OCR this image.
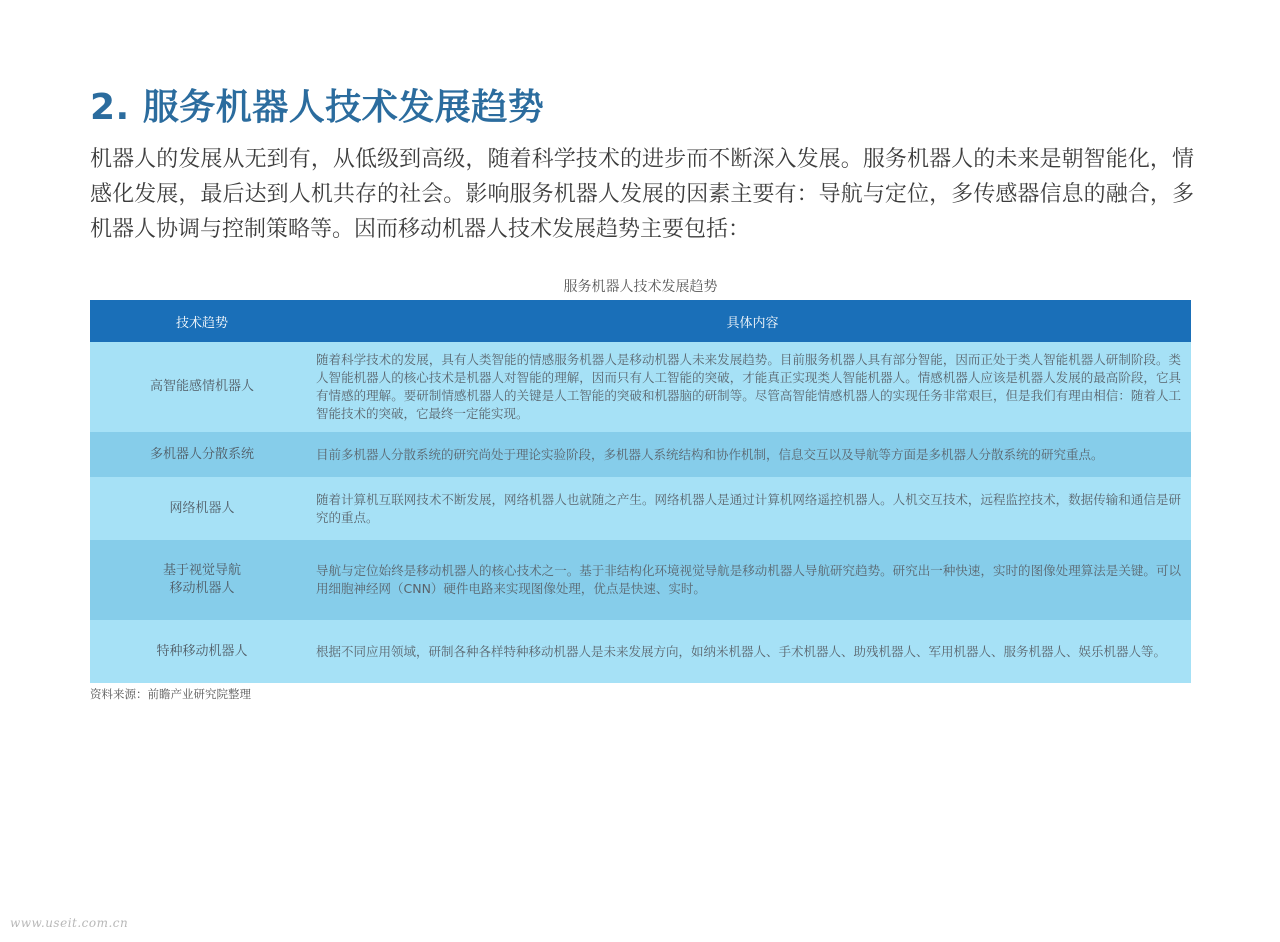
2. 服务机器人技术发展趋势

机器人的发展从无到有，从低级到高级，随着科学技术的进步而不断深入发展。服务机器人的未来是朝智能化，情感化发展，最后达到人机共存的社会。影响服务机器人发展的因素主要有：导航与定位，多传感器信息的融合，多机器人协调与控制策略等。因而移动机器人技术发展趋势主要包括：

服务机器人技术发展趋势
技术趋势	具体内容

高智能感情机器人	随着科学技术的发展，具有人类智能的情感服务机器人是移动机器人未来发展趋势。目前服务机器人具有部分智能，因而正处于类人智能机器人研制阶段。类人智能机器人的核心技术是机器人对智能的理解，因而只有人工智能的突破，才能真正实现类人智能机器人。情感机器人应该是机器人发展的最高阶段，它具有情感的理解。要研制情感机器人的关键是人工智能的突破和机器脑的研制等。尽管高智能情感机器人的实现任务非常艰巨，但是我们有理由相信：随着人工智能技术的突破，它最终一定能实现。

多机器人分散系统	目前多机器人分散系统的研究尚处于理论实验阶段，多机器人系统结构和协作机制，信息交互以及导航等方面是多机器人分散系统的研究重点。

网络机器人	随着计算机互联网技术不断发展，网络机器人也就随之产生。网络机器人是通过计算机网络遥控机器人。人机交互技术，远程监控技术，数据传输和通信是研究的重点。

基于视觉导航
移动机器人	导航与定位始终是移动机器人的核心技术之一。基于非结构化环境视觉导航是移动机器人导航研究趋势。研究出一种快速，实时的图像处理算法是关键。可以用细胞神经网（CNN）硬件电路来实现图像处理，优点是快速、实时。

特种移动机器人	根据不同应用领域，研制各种各样特种移动机器人是未来发展方向，如纳米机器人、手术机器人、助残机器人、军用机器人、服务机器人、娱乐机器人等。
资料来源：前瞻产业研究院整理
www.useit.com.cn
